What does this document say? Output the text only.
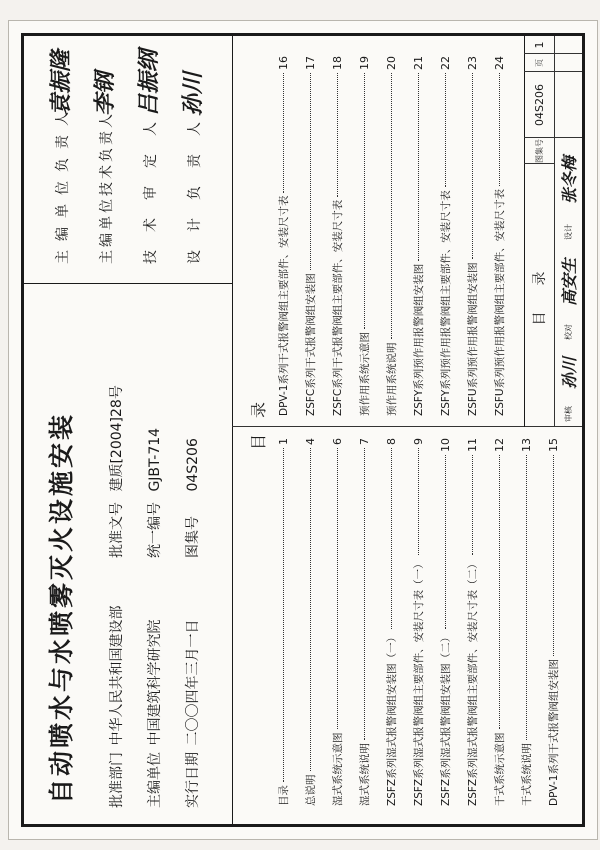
自动喷水与水喷雾灭火设施安装 批准部门 中华人民共和国建设部
主编单位 中国建筑科学研究院
实行日期 二〇〇四年三月一日
批准文号 建质[2004]28号
统一编号 GJBT-714
图集号 04S206
主编单位负责人
袁振隆
主编单位技术负责人
李钢
技术审定人
吕振纲
设计负责人
孙川
目
录
目录
1
总说明
4
湿式系统示意图
6
湿式系统说明
7
ZSFZ系列湿式报警阀组安装图（一）
8
ZSFZ系列湿式报警阀组主要部件、安装尺寸表（一）
9
ZSFZ系列湿式报警阀组安装图（二）
10
ZSFZ系列湿式报警阀组主要部件、安装尺寸表（二）
11
干式系统示意图
12
干式系统说明
13
DPV-1系列干式报警阀组安装图
15
DPV-1系列干式报警阀组主要部件、安装尺寸表
16
ZSFC系列干式报警阀组安装图
17
ZSFC系列干式报警阀组主要部件、安装尺寸表
18
预作用系统示意图
19
预作用系统说明
20
ZSFY系列预作用报警阀组安装图
21
ZSFY系列预作用报警阀组主要部件、安装尺寸表
22
ZSFU系列预作用报警阀组安装图
23
ZSFU系列预作用报警阀组主要部件、安装尺寸表
24
目　录
图集号
04S206
页
1
审核
孙川
校对
高安生
设计
张冬梅
